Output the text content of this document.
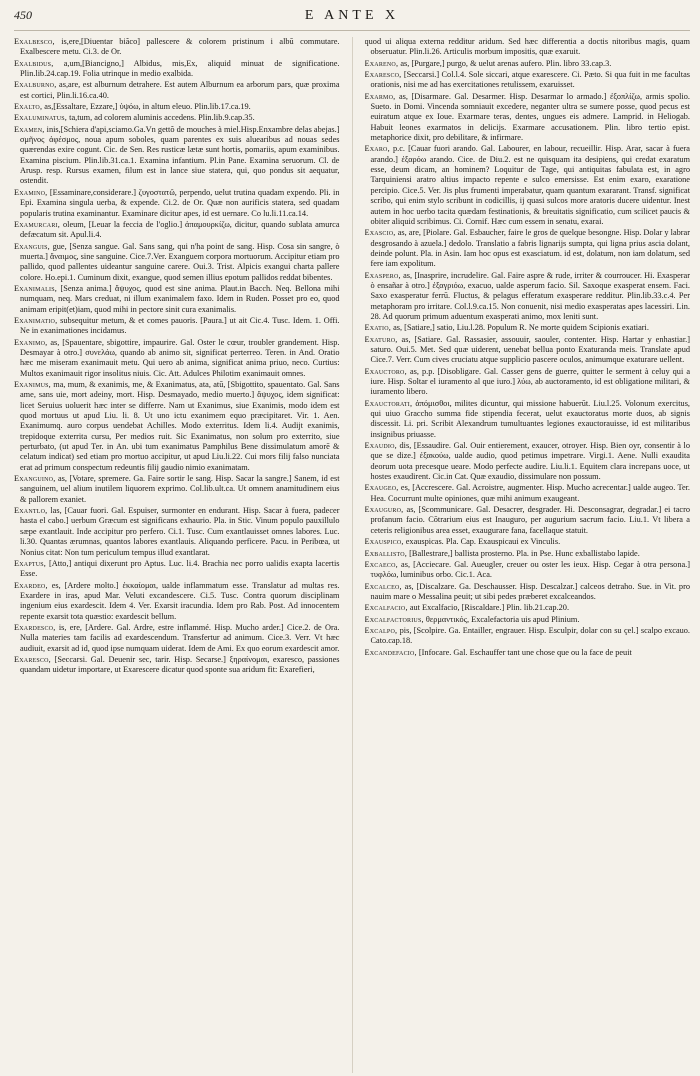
450	E ANTE X

Exalbesco, is,ere,[Diuentar biãco] pallescere & colorem pristinum i albū commutare. Exalbescere metu. Ci.3. de Or.

Exalbidus, a,um,[Biancigno,] Albidus, mis,Ex, aliquid minuat de significatione. Plin.lib.24.cap.19. Folia utrinque in medio exalbida.

Exalburno, as,are, est alburnum detrahere. Est autem Alburnum ea arborum pars, quæ proxima est cortici, Plin.li.16.ca.40.

Exalto, as,[Essaltare, Ezzare,] ὑψόω, in altum eleuo. Plin.lib.17.ca.19.

Exaluminatus, ta,tum, ad colorem aluminis accedens. Plin.lib.9.cap.35.

Examen, inis,[Schiera d'api,sciamo.Ga.Vn gettõ de mouches à miel.Hisp.Enxambre delas abejas.] σμῆνος ἀφέσμος, noua apum soboles, quam parentes ex suis aluearibus ad nouas sedes quærendas exire cogunt. Cic. de Sen. Res rusticæ lætæ sunt hortis, pomariis, apum examinibus. Examina piscium. Plin.lib.31.ca.1. Examina infantium. Pl.in Pane. Examina seruorum. Cl. de Arusp. resp. Rursus examen, filum est in lance siue statera, qui, quo pondus sit aequatur, ostendit.

Examino, [Essaminare,considerare.] ζυγοστατῶ, perpendo, uelut trutina quadam expendo. Pli. in Epi. Examina singula uerba, & expende. Ci.2. de Or. Quæ non aurificis statera, sed quadam popularis trutina examinantur. Examinare dicitur apes, id est uernare. Co lu.li.11.ca.14.

Examurcari, oleum, [Leuar la feccia de l'oglio.] ἀπαμουρκίζω, dicitur, quando sublata amurca defæcatum sit. Apul.li.4.

Exanguis, gue, [Senza sangue. Gal. Sans sang, qui n'ha point de sang. Hisp. Cosa sin sangre, ò muerta.] ἄναιμος, sine sanguine. Cice.7.Ver. Exanguem corpora mortuorum. Accipitur etiam pro pallido, quod pallentes uideantur sanguine carere. Oui.3. Trist. Alpicis exangui charta pallere colore. Ho.epi.1. Cuminum dixit, exangue, quod semen illius epotum pallidos reddat bibentes.

Exanimalis, [Senza anima.] ἄψυχος, quod est sine anima. Plaut.in Bacch. Neq. Bellona mihi numquam, neq. Mars creduat, ni illum exanimalem faxo. Idem in Ruden. Posset pro eo, quod animam eripit(et)iam, quod mihi in pectore sinit cura exanimalis.

Exanimatio, subsequitur metum, & et comes pauoris. [Paura.] ut ait Cic.4. Tusc. Idem. 1. Offi. Ne in exanimationes incidamus.

Exanimo, as, [Spauentare, sbigottire, impaurire. Gal. Oster le cœur, troubler grandement. Hisp. Desmayar à otro.] συνελάω, quando ab animo sit, significat perterreo. Teren. in And. Oratio hæc me miseram exanimauit metu. Qui uero ab anima, significat anima priuo, neco. Curtius: Multos exanimauit rigor insolitus niuis. Cic. Att. Adulces Philotim exanimauit omnes.

Exanimus, ma, mum, & exanimis, me, & Exanimatus, ata, atū, [Sbigottito, spauentato. Gal. Sans ame, sans uie, mort adeiny, mort. Hisp. Desmayado, medio muerto.] ἄψυχος, idem significat: licet Seruius uoluerit hæc inter se differre. Nam ut Exanimus, siue Exanimis, modo idem est quod mortuus ut apud Liu. li. 8. Ut uno ictu exanimem equo præcipitaret. Vir. 1. Aen. Exanimumq. auro corpus uendebat Achilles. Modo exterritus. Idem li.4. Audijt exanimis, trepidoque exterrita cursu, Per medios ruit. Sic Exanimatus, non solum pro exterrito, siue perturbato, (ut apud Ter. in An. ubi tum exanimatus Pamphilus Bene dissimulatum amorē & celatum indicat) sed etiam pro mortuo accipitur, ut apud Liu.li.22. Cui mors filij falso nunciata erat ad primum conspectum redeuntis filij gaudio nimio exanimatam.

Exanguino, as, [Votare, spremere. Ga. Faire sortir le sang. Hisp. Sacar la sangre.] Sanem, id est sanguinem, uel alium inutilem liquorem exprimo. Col.lib.ult.ca. Ut omnem anamitudinem eius & pallorem exaniet.

Exantlo, las, [Cauar fuori. Gal. Espuiser, surmonter en endurant. Hisp. Sacar à fuera, padecer hasta el cabo.] uerbum Græcum est significans exhaurio. Pla. in Stic. Vinum populo pauxillulo sæpe exantlauit. Inde accipitur pro perfero. Ci.1. Tusc. Cum exantlauisset omnes labores. Luc. li.30. Quantas ærumnas, quantos labores exantlauis. Aliquando perficere. Pacu. in Peribœa, ut Nonius citat: Non tum periculum tempus illud exantlarat.

Exaptus, [Atto,] antiqui dixerunt pro Aptus. Luc. li.4. Brachia nec porro ualidis exapta lacertis Esse.

Exardeo, es, [Ardere molto.] ἐκκαίομαι, ualde inflammatum esse. Translatur ad multas res. Exardere in iras, apud Mar. Veluti excandescere. Ci.5. Tusc. Contra quorum disciplinam ingenium eius exardescit. Idem 4. Ver. Exarsit iracundia. Idem pro Rab. Post. Ad innocentem repente exarsit tota quæstio: exardescit bellum.

Exardesco, is, ere, [Ardere. Gal. Ardre, estre inflammé. Hisp. Mucho arder.] Cice.2. de Ora. Nulla materies tam facilis ad exardescendum. Transfertur ad animum. Cice.3. Verr. Vt hæc audiuit, exarsit ad id, quod ipse numquam uiderat. Idem de Ami. Ex quo eorum exardescit amor.

Exaresco, [Seccarsi. Gal. Deuenir sec, tarir. Hisp. Secarse.] ξηραίνομαι, exaresco, passiones quandam uidetur importare, ut Exarescere dicatur quod sponte sua aridum fit: Exarefieri,

quod ui aliqua externa redditur aridum. Sed hæc differentia a doctis nitoribus magis, quam obseruatur. Plin.li.26. Articulis morbum impositis, quæ exaruit.

Exareno, as, [Purgare,] purgo, & uelut arenas aufero. Plin. libro 33.cap.3.

Exaresco, [Seccarsi.] Col.l.4. Sole siccari, atque exarescere. Ci. Pæto. Si qua fuit in me facultas orationis, nisi me ad has exercitationes retulissem, exaruisset.

Exarmo, as, [Disarmare. Gal. Desarmer. Hisp. Desarmar lo armado.] ἐξοπλίζω, armis spolio. Sueto. in Domi. Vincenda somniauit excedere, neganter ultra se sumere posse, quod pecus est euiratum atque ex Ioue. Exarmare teras, dentes, ungues eis admere. Lamprid. in Heliogab. Habuit leones exarmatos in delicijs. Exarmare accusationem. Plin. libro tertio epist. metaphorice dixit, pro debilitare, & infirmare.

Exaro, p.c. [Cauar fuori arando. Gal. Labourer, en labour, recueillir. Hisp. Arar, sacar à fuera arando.] ἐξαρόω arando. Cice. de Diu.2. est ne quisquam ita desipiens, qui credat exaratum esse, deum dicam, an hominem? Loquitur de Tage, qui antiquitas fabulata est, in agro Tarquiniensi aratro altius impacto repente e sulco emersisse. Est enim exaro, exaratione percipio. Cice.5. Ver. Jis plus frumenti imperabatur, quam quantum exararant. Transf. significat scribo, qui enim stylo scribunt in codicillis, ij quasi sulcos more aratoris ducere uidentur. Inest autem in hoc uerbo tacita quædam festinationis, & breuitatis significatio, cum scilicet paucis & obiter aliquid scribimus. Ci. Cornif. Hæc cum essem in senatu, exarai.

Exascio, as, are, [Piolare. Gal. Esbaucher, faire le gros de quelque besongne. Hisp. Dolar y labrar desgrosando à azuela.] dedolo. Translatio a fabris lignarijs sumpta, qui ligna prius ascia dolant, deinde polunt. Pla. in Asin. Iam hoc opus est exasciatum. id est, dolatum, non iam dolatum, sed fere iam expolitum.

Exaspero, as, [Inasprire, incrudelire. Gal. Faire aspre & rude, irriter & courroucer. Hi. Exasperar ò ensañar à otro.] ἐξαγριόω, exacuo, ualde asperum facio. Sil. Saxoque exasperat ensem. Faci. Saxo exasperatur ferrū. Fluctus, & pelagus efferatum exasperare redditur. Plin.lib.33.c.4. Per metaphoram pro irritare. Col.l.9.ca.15. Non conuenit, nisi medio exasperatas apes lacessiri. Lin. 28. Ad quorum primum aduentum exasperati animo, mox leniti sunt.

Exatio, as, [Satiare,] satio, Liu.l.28. Populum R. Ne morte quidem Scipionis exatiari.

Exaturo, as, [Satiare. Gal. Rassasier, assouuir, saouler, contenter. Hisp. Hartar y enhastiar.] saturo. Oui.5. Met. Sed quæ uiderent, uenebat bellua ponto Exaturanda meis. Translate apud Cice.7. Verr. Cum cives cruciatu atque supplicio pascere oculos, animumque exaturare uellent.

Exauctoro, as, p.p. [Disobligare. Gal. Casser gens de guerre, quitter le serment à celuy qui a iure. Hisp. Soltar el iuramento al que iuro.] λύω, ab auctoramento, id est obligatione militari, & iuramento libero.

Exauctorati, ἀπόμισθοι, milites dicuntur, qui missione habuerūt. Liu.l.25. Volonum exercitus, qui uiuo Graccho summa fide stipendia fecerat, uelut exauctoratus morte duos, ab signis discessit. Li. pri. Scribit Alexandrum tumultuantes legiones exauctorauisse, id est militaribus insignibus priuasse.

Exaudio, dis, [Essaudire. Gal. Ouir entierement, exaucer, otroyer. Hisp. Bien oyr, consentir à lo que se dize.] ἐξακούω, ualde audio, quod petimus impetrare. Virgi.1. Aene. Nulli exaudita deorum uota precesque ueare. Modo perfecte audire. Liu.li.1. Equitem clara increpans uoce, ut hostes exaudirent. Cic.in Cat. Quæ exaudio, dissimulare non possum.

Exaugeo, es, [Accrescere. Gal. Acroistre, augmenter. Hisp. Mucho acrecentar.] ualde augeo. Ter. Hea. Cocurrunt multe opiniones, quæ mihi animum exaugeant.

Exauguro, as, [Scommunicare. Gal. Desacrer, desgrader. Hi. Desconsagrar, degradar.] ei tacro profanum facio. Cōtrarium eius est Inauguro, per augurium sacrum facio. Liu.1. Vt libera a ceteris religionibus area esset, exaugurare fana, facellaque statuit.

Exauspico, exauspicas. Pla. Cap. Exauspicaui ex Vinculis.

Exballisto, [Ballestrare,] ballista prosterno. Pla. in Pse. Hunc exballistabo lapide.

Excaeco, as, [Acciecare. Gal. Aueugler, creuer ou oster les ieux. Hisp. Cegar à otra persona.] τυφλόω, luminibus orbo. Cic.1. Aca.

Excalceo, as, [Discalzare. Ga. Deschausser. Hisp. Descalzar.] calceos detraho. Sue. in Vit. pro nauim mare o Messalina peuit; ut sibi pedes præberet excalceandos.

Excalfacio, aut Excalfacio, [Riscaldare.] Plin. lib.21.cap.20.

Excalfactorius, θερμαντικός, Excalefactoria uis apud Plinium.

Excalpo, pis, [Scolpire. Ga. Entailler, engrauer. Hisp. Esculpir, dolar con su çel.] scalpo excauo. Cato.cap.18.

Excandefacio, [Infocare. Gal. Eschauffer tant une chose que ou la face de peuit
